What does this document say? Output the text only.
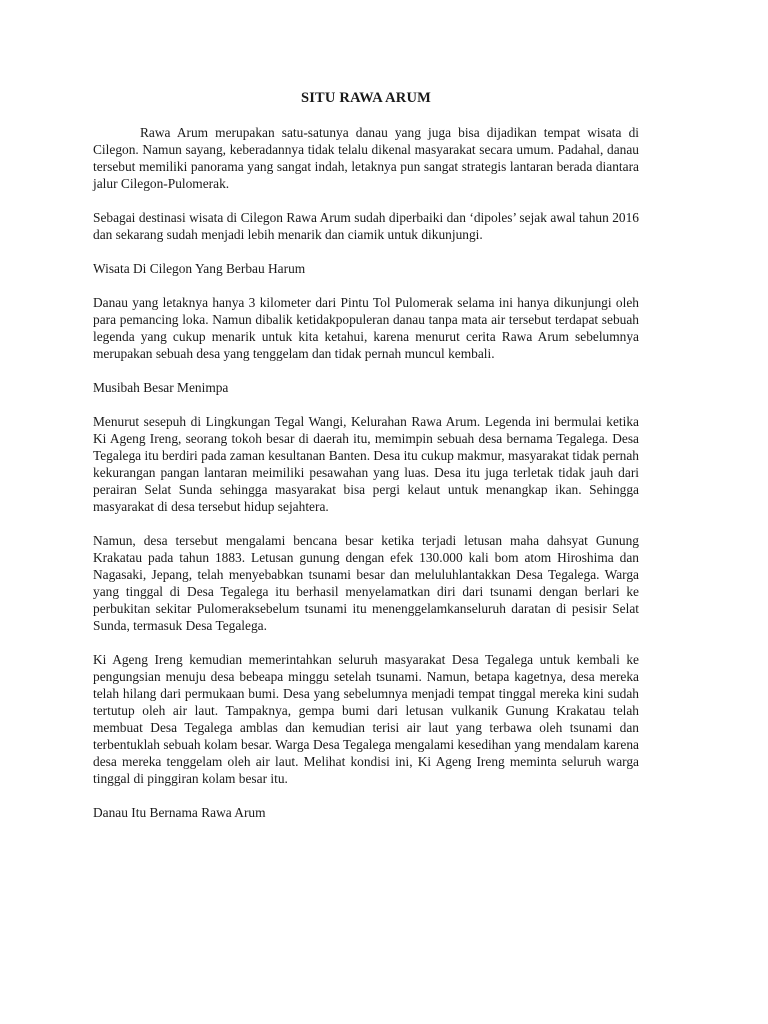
SITU RAWA ARUM

Rawa Arum merupakan satu-satunya danau yang juga bisa dijadikan tempat wisata di Cilegon. Namun sayang, keberadannya tidak telalu dikenal masyarakat secara umum. Padahal, danau tersebut memiliki panorama yang sangat indah, letaknya pun sangat strategis lantaran berada diantara jalur Cilegon-Pulomerak.

Sebagai destinasi wisata di Cilegon Rawa Arum sudah diperbaiki dan ‘dipoles’ sejak awal tahun 2016 dan sekarang sudah menjadi lebih menarik dan ciamik untuk dikunjungi.

Wisata Di Cilegon Yang Berbau Harum

Danau yang letaknya hanya 3 kilometer dari Pintu Tol Pulomerak selama ini hanya dikunjungi oleh para pemancing loka. Namun dibalik ketidakpopuleran danau tanpa mata air tersebut terdapat sebuah legenda yang cukup menarik untuk kita ketahui, karena menurut cerita Rawa Arum sebelumnya merupakan sebuah desa yang tenggelam dan tidak pernah muncul kembali.

Musibah Besar Menimpa

Menurut sesepuh di Lingkungan Tegal Wangi, Kelurahan Rawa Arum. Legenda ini bermulai ketika Ki Ageng Ireng, seorang tokoh besar di daerah itu, memimpin sebuah desa bernama Tegalega. Desa Tegalega itu berdiri pada zaman kesultanan Banten. Desa itu cukup makmur, masyarakat tidak pernah kekurangan pangan lantaran meimiliki pesawahan yang luas. Desa itu juga terletak tidak jauh dari perairan Selat Sunda sehingga masyarakat bisa pergi kelaut untuk menangkap ikan. Sehingga masyarakat di desa tersebut hidup sejahtera.

Namun, desa tersebut mengalami bencana besar ketika terjadi letusan maha dahsyat Gunung Krakatau pada tahun 1883. Letusan gunung dengan efek 130.000 kali bom atom Hiroshima dan Nagasaki, Jepang, telah menyebabkan tsunami besar dan meluluhlantakkan Desa Tegalega. Warga yang tinggal di Desa Tegalega itu berhasil menyelamatkan diri dari tsunami dengan berlari ke perbukitan sekitar Pulomeraksebelum tsunami itu menenggelamkanseluruh daratan di pesisir Selat Sunda, termasuk Desa Tegalega.

Ki Ageng Ireng kemudian memerintahkan seluruh masyarakat Desa Tegalega untuk kembali ke pengungsian menuju desa bebeapa minggu setelah tsunami. Namun, betapa kagetnya, desa mereka telah hilang dari permukaan bumi. Desa yang sebelumnya menjadi tempat tinggal mereka kini sudah tertutup oleh air laut. Tampaknya, gempa bumi dari letusan vulkanik Gunung Krakatau telah membuat Desa Tegalega amblas dan kemudian terisi air laut yang terbawa oleh tsunami dan terbentuklah sebuah kolam besar. Warga Desa Tegalega mengalami kesedihan yang mendalam karena desa mereka tenggelam oleh air laut. Melihat kondisi ini, Ki Ageng Ireng meminta seluruh warga tinggal di pinggiran kolam besar itu.

Danau Itu Bernama Rawa Arum
